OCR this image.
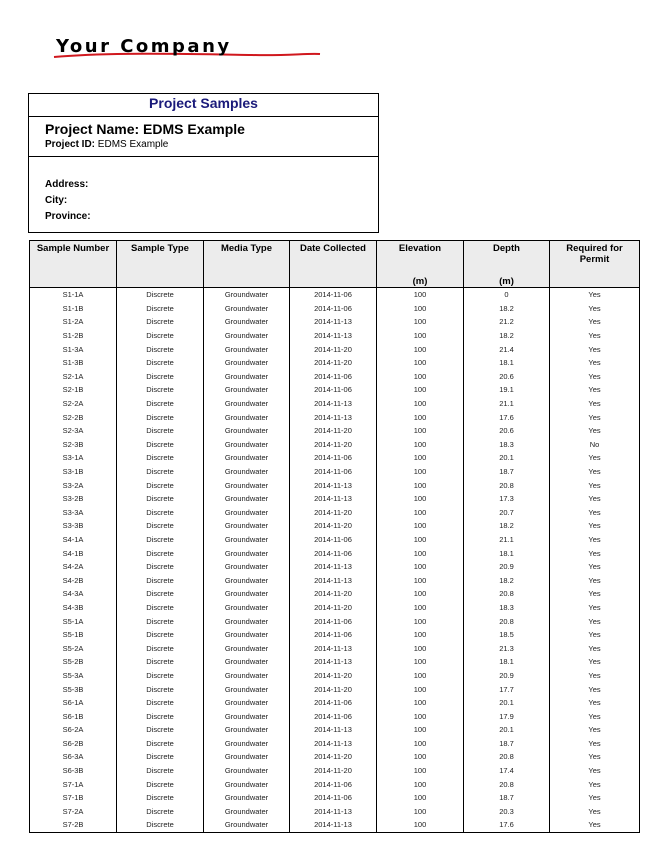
Your Company
Project Samples
Project Name: EDMS Example
Project ID: EDMS Example
Address:
City:
Province:
Sample Number	Sample Type	Media Type	Date Collected	Elevation	Depth	Required for Permit
				(m)	(m)	
S1-1A	Discrete	Groundwater	2014-11-06	100	0	Yes
S1-1B	Discrete	Groundwater	2014-11-06	100	18.2	Yes
S1-2A	Discrete	Groundwater	2014-11-13	100	21.2	Yes
S1-2B	Discrete	Groundwater	2014-11-13	100	18.2	Yes
S1-3A	Discrete	Groundwater	2014-11-20	100	21.4	Yes
S1-3B	Discrete	Groundwater	2014-11-20	100	18.1	Yes
S2-1A	Discrete	Groundwater	2014-11-06	100	20.6	Yes
S2-1B	Discrete	Groundwater	2014-11-06	100	19.1	Yes
S2-2A	Discrete	Groundwater	2014-11-13	100	21.1	Yes
S2-2B	Discrete	Groundwater	2014-11-13	100	17.6	Yes
S2-3A	Discrete	Groundwater	2014-11-20	100	20.6	Yes
S2-3B	Discrete	Groundwater	2014-11-20	100	18.3	No
S3-1A	Discrete	Groundwater	2014-11-06	100	20.1	Yes
S3-1B	Discrete	Groundwater	2014-11-06	100	18.7	Yes
S3-2A	Discrete	Groundwater	2014-11-13	100	20.8	Yes
S3-2B	Discrete	Groundwater	2014-11-13	100	17.3	Yes
S3-3A	Discrete	Groundwater	2014-11-20	100	20.7	Yes
S3-3B	Discrete	Groundwater	2014-11-20	100	18.2	Yes
S4-1A	Discrete	Groundwater	2014-11-06	100	21.1	Yes
S4-1B	Discrete	Groundwater	2014-11-06	100	18.1	Yes
S4-2A	Discrete	Groundwater	2014-11-13	100	20.9	Yes
S4-2B	Discrete	Groundwater	2014-11-13	100	18.2	Yes
S4-3A	Discrete	Groundwater	2014-11-20	100	20.8	Yes
S4-3B	Discrete	Groundwater	2014-11-20	100	18.3	Yes
S5-1A	Discrete	Groundwater	2014-11-06	100	20.8	Yes
S5-1B	Discrete	Groundwater	2014-11-06	100	18.5	Yes
S5-2A	Discrete	Groundwater	2014-11-13	100	21.3	Yes
S5-2B	Discrete	Groundwater	2014-11-13	100	18.1	Yes
S5-3A	Discrete	Groundwater	2014-11-20	100	20.9	Yes
S5-3B	Discrete	Groundwater	2014-11-20	100	17.7	Yes
S6-1A	Discrete	Groundwater	2014-11-06	100	20.1	Yes
S6-1B	Discrete	Groundwater	2014-11-06	100	17.9	Yes
S6-2A	Discrete	Groundwater	2014-11-13	100	20.1	Yes
S6-2B	Discrete	Groundwater	2014-11-13	100	18.7	Yes
S6-3A	Discrete	Groundwater	2014-11-20	100	20.8	Yes
S6-3B	Discrete	Groundwater	2014-11-20	100	17.4	Yes
S7-1A	Discrete	Groundwater	2014-11-06	100	20.8	Yes
S7-1B	Discrete	Groundwater	2014-11-06	100	18.7	Yes
S7-2A	Discrete	Groundwater	2014-11-13	100	20.3	Yes
S7-2B	Discrete	Groundwater	2014-11-13	100	17.6	Yes
